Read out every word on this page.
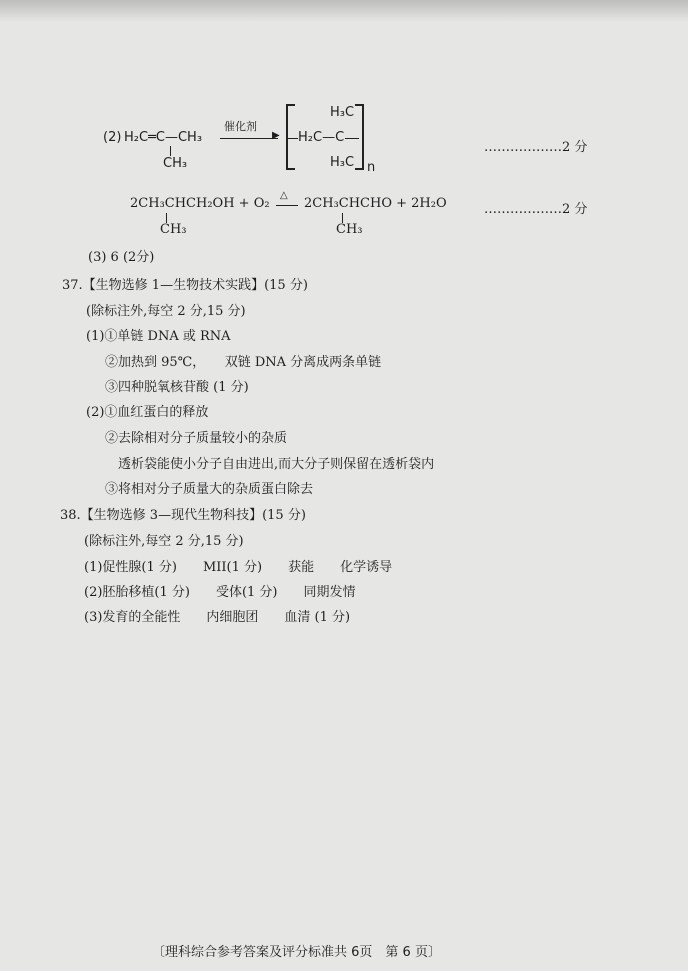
(2) H₂C═C—CH₃
CH₃
催化剂
▶ H₂C—C
H₃C
H₃C n
………………2 分
2CH₃CHCH₂OH + O₂
CH₃
△
2CH₃CHCHO + 2H₂O
CH₃
………………2 分
(3) 6 (2分)
37.【生物选修 1—生物技术实践】(15 分)
(除标注外,每空 2 分,15 分)
(1)①单链 DNA 或 RNA
②加热到 95℃，　　双链 DNA 分离成两条单链
③四种脱氧核苷酸 (1 分)
(2)①血红蛋白的释放
②去除相对分子质量较小的杂质
透析袋能使小分子自由进出,而大分子则保留在透析袋内
③将相对分子质量大的杂质蛋白除去
38.【生物选修 3—现代生物科技】(15 分)
(除标注外,每空 2 分,15 分)
(1)促性腺(1 分)　　MII(1 分)　　获能　　化学诱导
(2)胚胎移植(1 分)　　受体(1 分)　　同期发情
(3)发育的全能性　　内细胞团　　血清 (1 分)
〔理科综合参考答案及评分标准共 6页　第 6 页〕
